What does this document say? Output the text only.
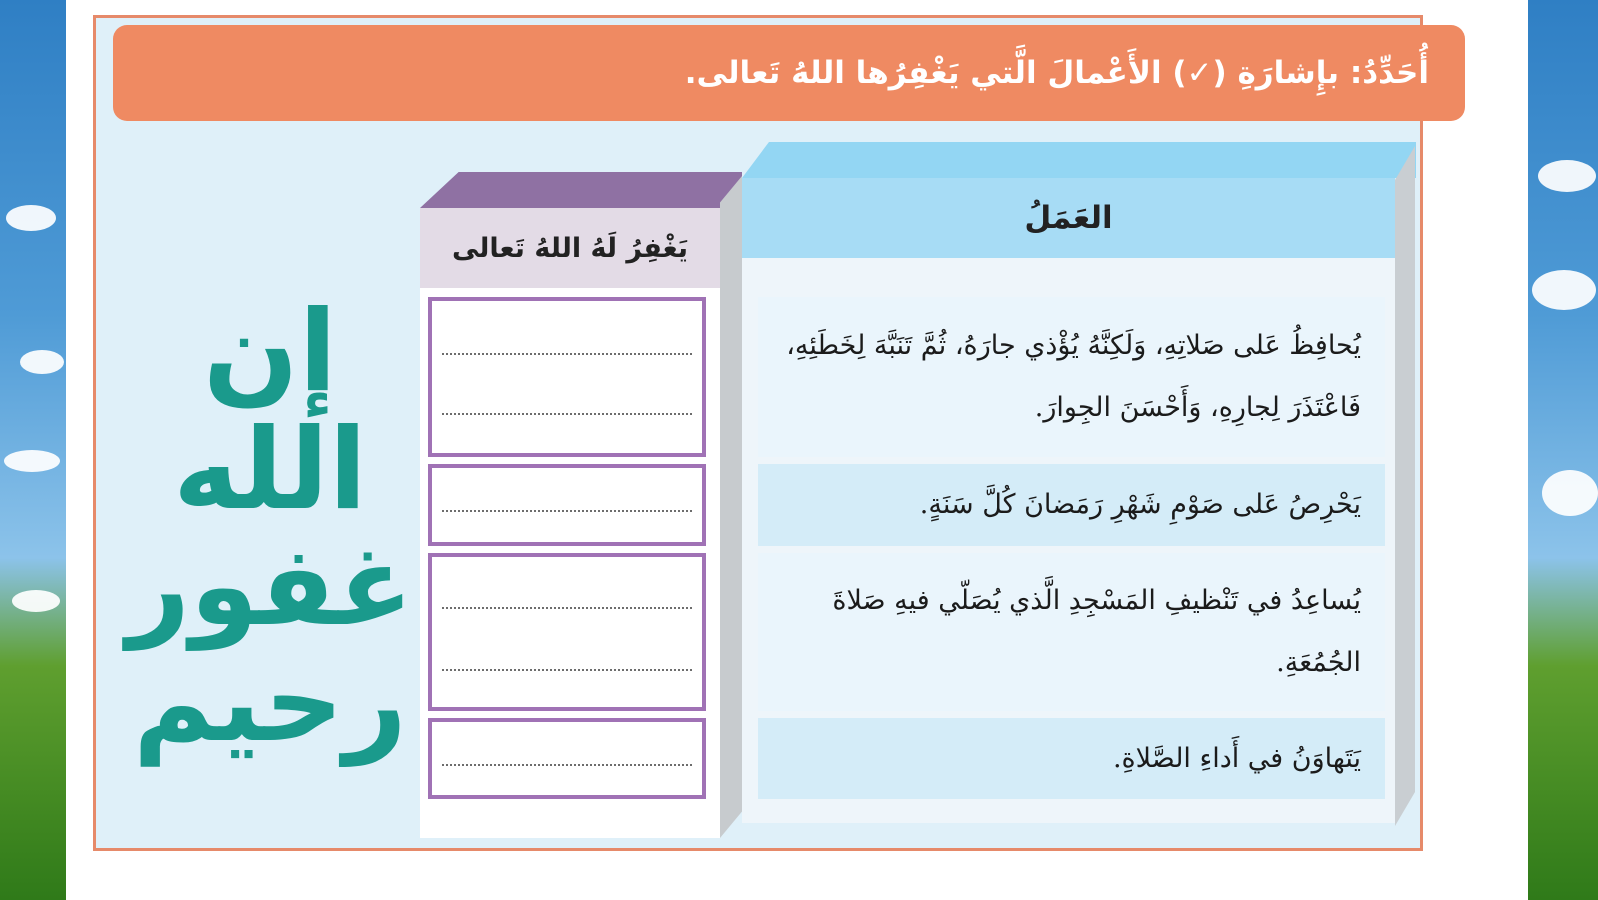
أُحَدِّدُ: بإِشارَةِ (✓) الأَعْمالَ الَّتي يَغْفِرُها اللهُ تَعالى.
إن الله
غفور
رحيم
يَغْفِرُ لَهُ اللهُ تَعالى
العَمَلُ
يُحافِظُ عَلى صَلاتِهِ، وَلَكِنَّهُ يُؤْذي جارَهُ، ثُمَّ تَنَبَّهَ لِخَطَئِهِ، فَاعْتَذَرَ لِجارِهِ، وَأَحْسَنَ الجِوارَ.
يَحْرِصُ عَلى صَوْمِ شَهْرِ رَمَضانَ كُلَّ سَنَةٍ.
يُساعِدُ في تَنْظيفِ المَسْجِدِ الَّذي يُصَلّي فيهِ صَلاةَ الجُمُعَةِ.
يَتَهاوَنُ في أَداءِ الصَّلاةِ.
